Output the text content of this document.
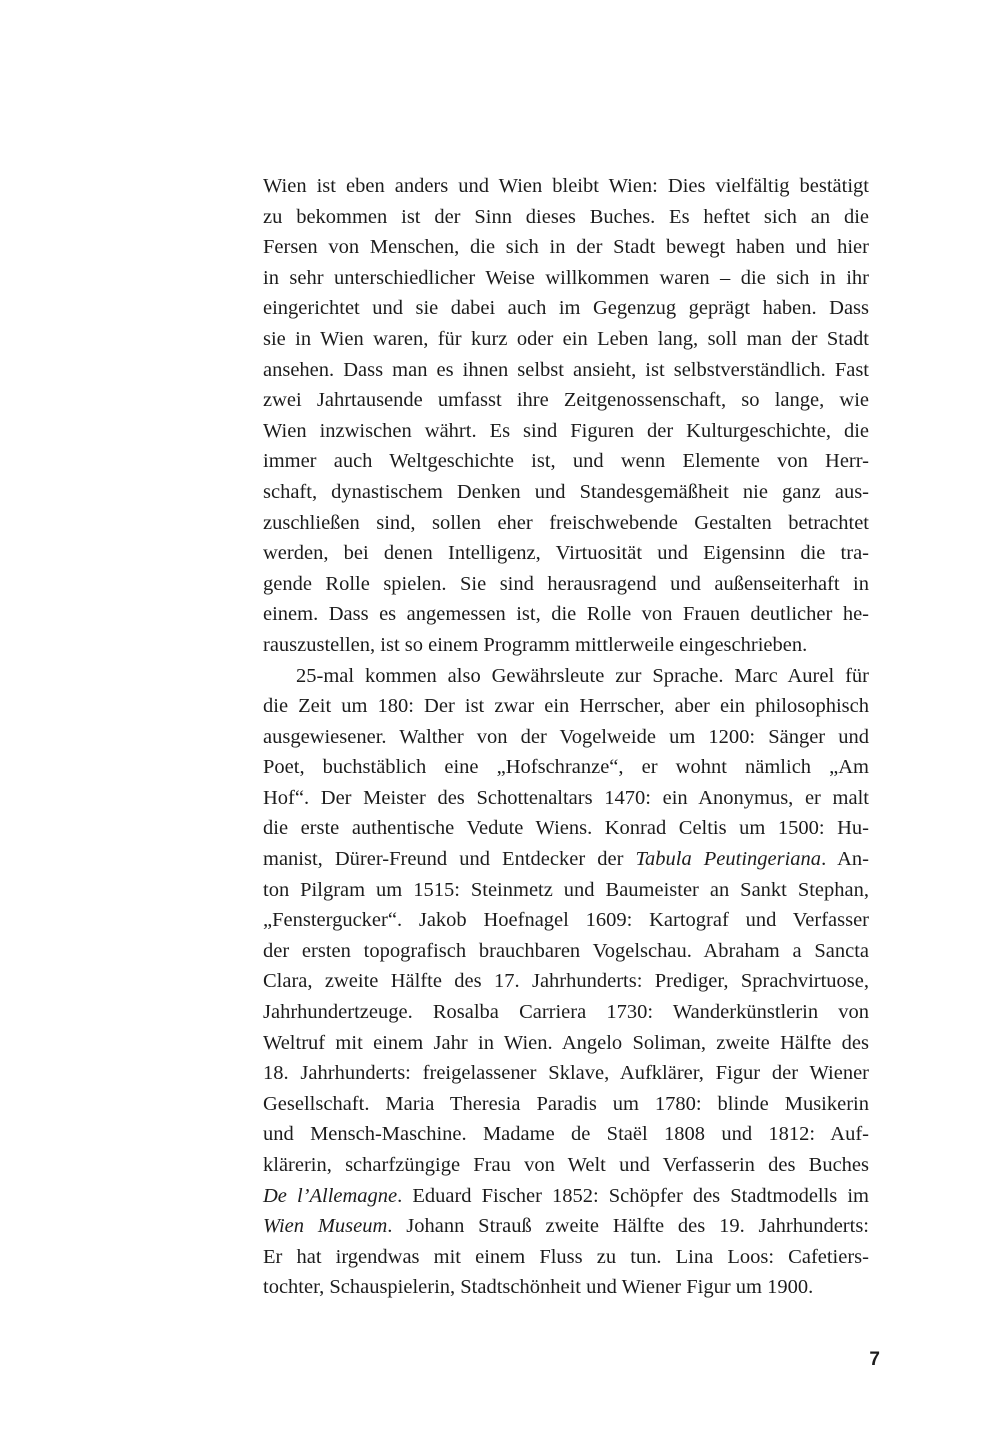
Wien ist eben anders und Wien bleibt Wien: Dies vielfältig bestätigt
zu bekommen ist der Sinn dieses Buches. Es heftet sich an die
Fersen von Menschen, die sich in der Stadt bewegt haben und hier
in sehr unterschiedlicher Weise willkommen waren – die sich in ihr
eingerichtet und sie dabei auch im Gegenzug geprägt haben. Dass
sie in Wien waren, für kurz oder ein Leben lang, soll man der Stadt
ansehen. Dass man es ihnen selbst ansieht, ist selbstverständlich. Fast
zwei Jahrtausende umfasst ihre Zeitgenossenschaft, so lange, wie
Wien inzwischen währt. Es sind Figuren der Kulturgeschichte, die
immer auch Weltgeschichte ist, und wenn Elemente von Herr-
schaft, dynastischem Denken und Standesgemäßheit nie ganz aus-
zuschließen sind, sollen eher freischwebende Gestalten betrachtet
werden, bei denen Intelligenz, Virtuosität und Eigensinn die tra-
gende Rolle spielen. Sie sind herausragend und außenseiterhaft in
einem. Dass es angemessen ist, die Rolle von Frauen deutlicher he-
rauszustellen, ist so einem Programm mittlerweile eingeschrieben.
25-mal kommen also Gewährsleute zur Sprache. Marc Aurel für
die Zeit um 180: Der ist zwar ein Herrscher, aber ein philosophisch
ausgewiesener. Walther von der Vogelweide um 1200: Sänger und
Poet, buchstäblich eine „Hofschranze“, er wohnt nämlich „Am
Hof“. Der Meister des Schottenaltars 1470: ein Anonymus, er malt
die erste authentische Vedute Wiens. Konrad Celtis um 1500: Hu-
manist, Dürer-Freund und Entdecker der Tabula Peutingeriana. An-
ton Pilgram um 1515: Steinmetz und Baumeister an Sankt Stephan,
„Fenstergucker“. Jakob Hoefnagel 1609: Kartograf und Verfasser
der ersten topografisch brauchbaren Vogelschau. Abraham a Sancta
Clara, zweite Hälfte des 17. Jahrhunderts: Prediger, Sprachvirtuose,
Jahrhundertzeuge. Rosalba Carriera 1730: Wanderkünstlerin von
Weltruf mit einem Jahr in Wien. Angelo Soliman, zweite Hälfte des
18. Jahrhunderts: freigelassener Sklave, Aufklärer, Figur der Wiener
Gesellschaft. Maria Theresia Paradis um 1780: blinde Musikerin
und Mensch-Maschine. Madame de Staël 1808 und 1812: Auf-
klärerin, scharfzüngige Frau von Welt und Verfasserin des Buches
De l’Allemagne. Eduard Fischer 1852: Schöpfer des Stadtmodells im
Wien Museum. Johann Strauß zweite Hälfte des 19. Jahrhunderts:
Er hat irgendwas mit einem Fluss zu tun. Lina Loos: Cafetiers-
tochter, Schauspielerin, Stadtschönheit und Wiener Figur um 1900.
7
